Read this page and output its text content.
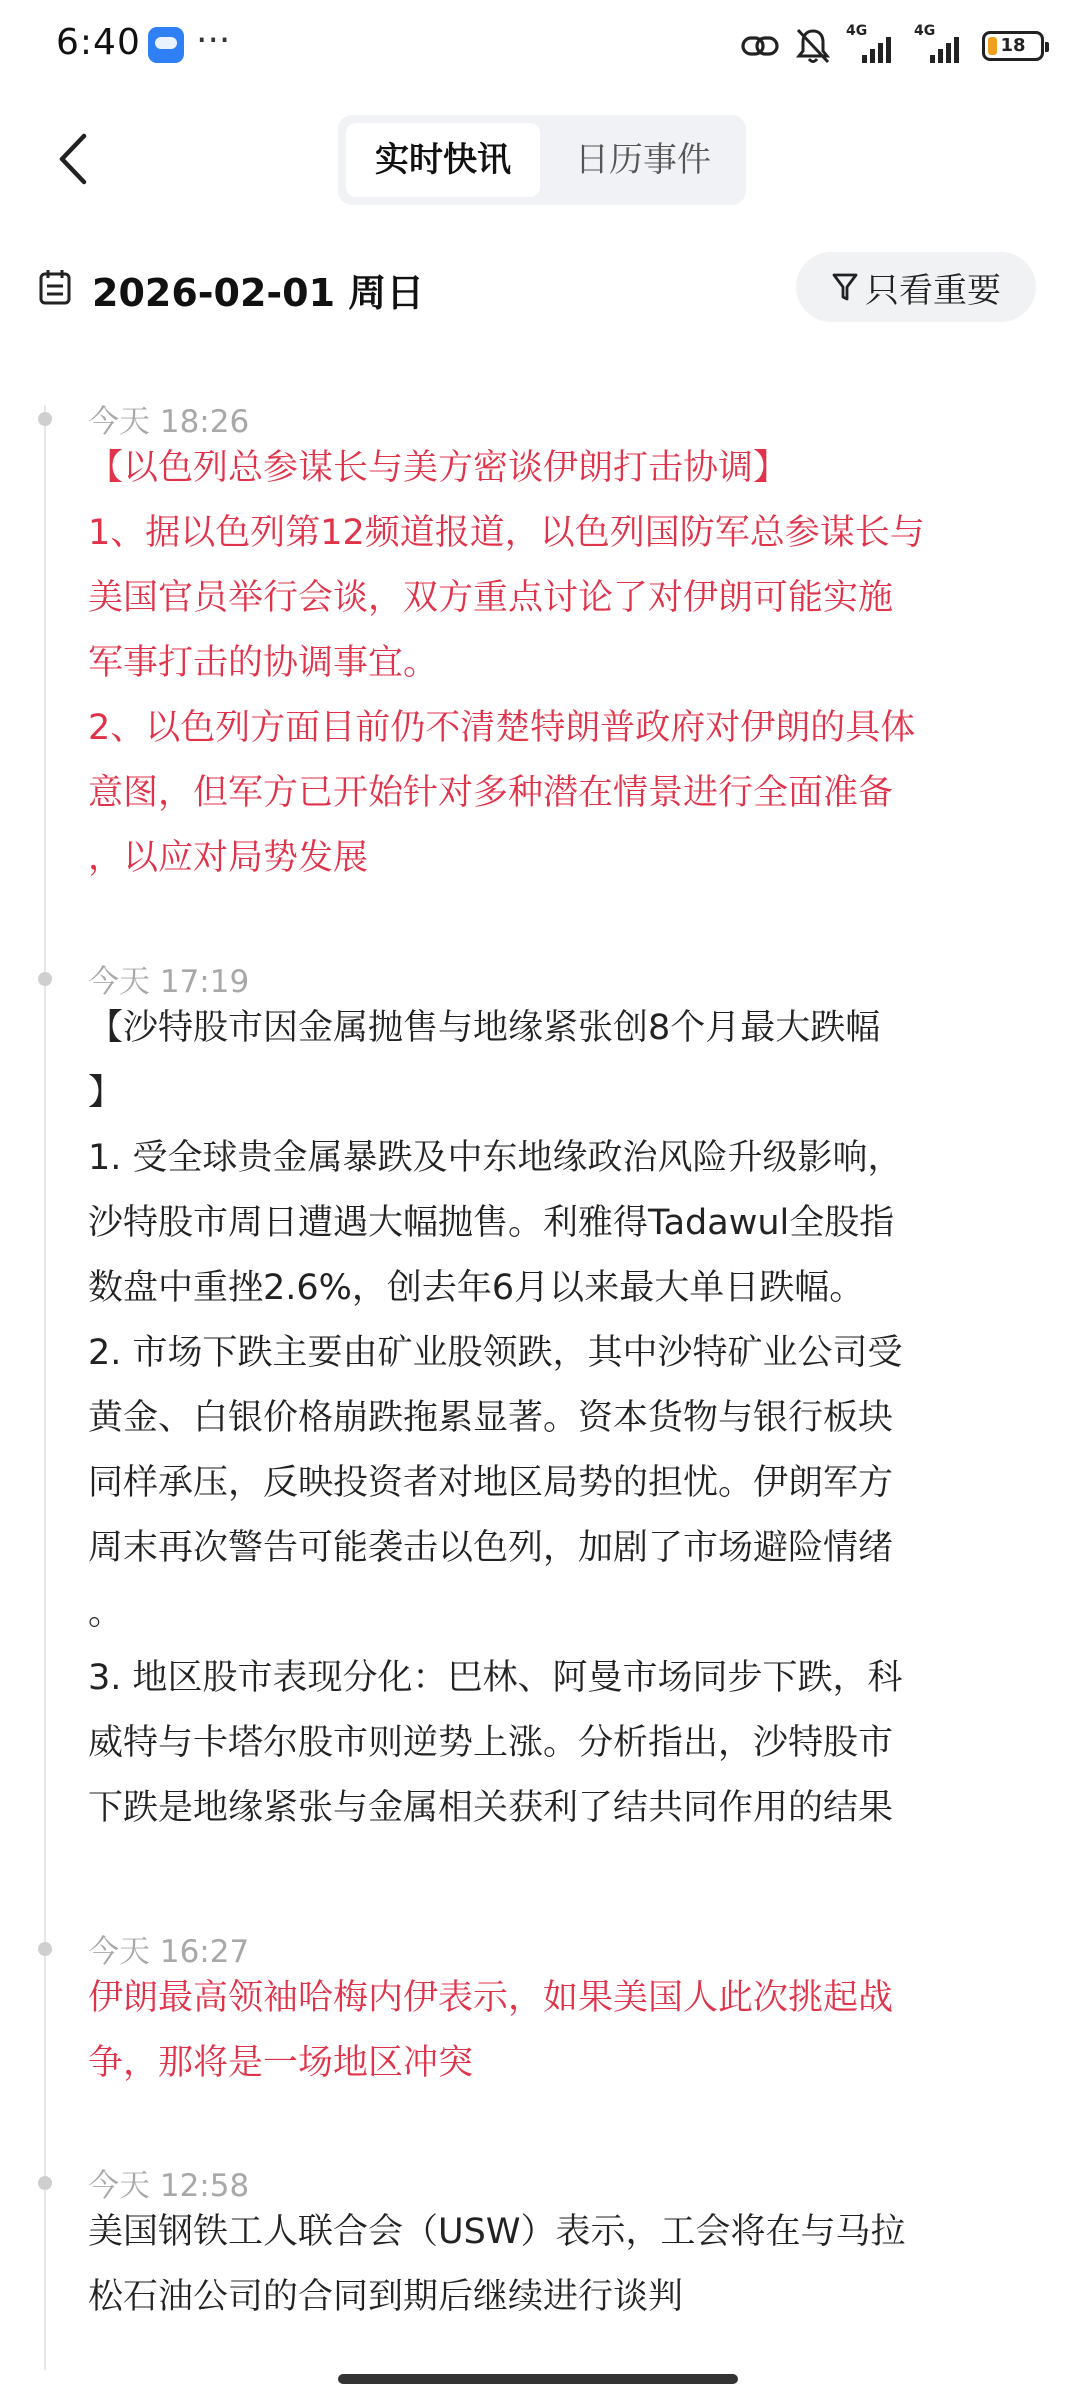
6:40 ···	4G	4G
18
实时快讯	日历事件
2026-02-01 周日	只看重要
今天 18:26

【以色列总参谋长与美方密谈伊朗打击协调】

1、据以色列第12频道报道，以色列国防军总参谋长与

美国官员举行会谈，双方重点讨论了对伊朗可能实施

军事打击的协调事宜。

2、以色列方面目前仍不清楚特朗普政府对伊朗的具体

意图，但军方已开始针对多种潜在情景进行全面准备

，以应对局势发展

今天 17:19

【沙特股市因金属抛售与地缘紧张创8个月最大跌幅

】

1. 受全球贵金属暴跌及中东地缘政治风险升级影响，

沙特股市周日遭遇大幅抛售。利雅得Tadawul全股指

数盘中重挫2.6%，创去年6月以来最大单日跌幅。

2. 市场下跌主要由矿业股领跌，其中沙特矿业公司受

黄金、白银价格崩跌拖累显著。资本货物与银行板块

同样承压，反映投资者对地区局势的担忧。伊朗军方

周末再次警告可能袭击以色列，加剧了市场避险情绪

。

3. 地区股市表现分化：巴林、阿曼市场同步下跌，科

威特与卡塔尔股市则逆势上涨。分析指出，沙特股市

下跌是地缘紧张与金属相关获利了结共同作用的结果

今天 16:27

伊朗最高领袖哈梅内伊表示，如果美国人此次挑起战

争，那将是一场地区冲突

今天 12:58

美国钢铁工人联合会（USW）表示，工会将在与马拉

松石油公司的合同到期后继续进行谈判
